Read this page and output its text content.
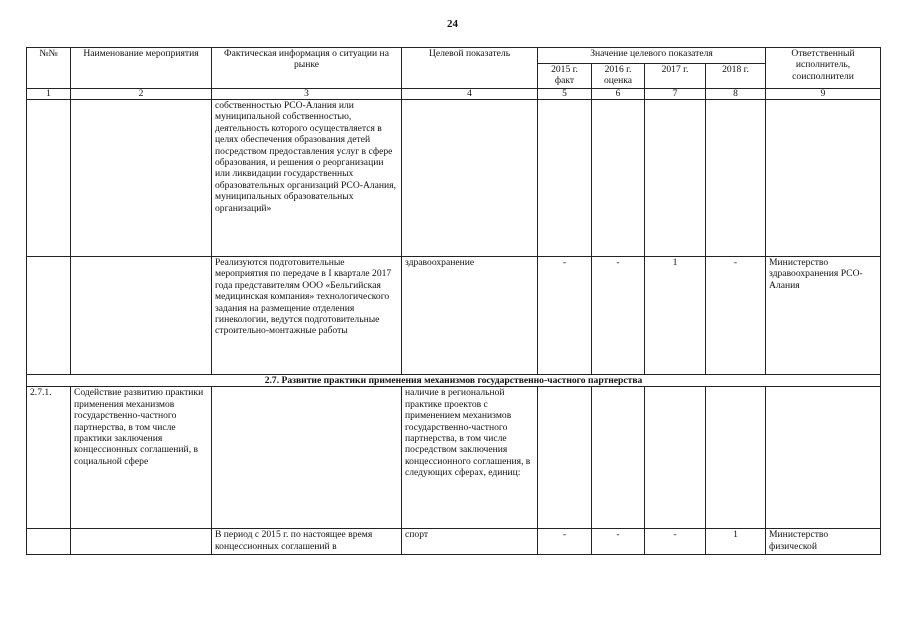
24
№№	Наименование мероприятия	Фактическая информация о ситуации на рынке	Целевой показатель	Значение целевого показателя				Ответственный исполнитель, соисполнители
				2015 г. факт	2016 г. оценка	2017 г.	2018 г.	
1	2	3	4	5	6	7	8	9
		собственностью РСО-Алания или муниципальной собственностью, деятельность которого осуществляется в целях обеспечения образования детей посредством предоставления услуг в сфере образования, и решения о реорганизации или ликвидации государственных образовательных организаций РСО-Алания, муниципальных образовательных организаций»						
		Реализуются подготовительные мероприятия по передаче в I квартале 2017 года представителям ООО «Бельгийская медицинская компания» технологического задания на размещение отделения гинекологии, ведутся подготовительные строительно-монтажные работы	здравоохранение	-	-	1	-	Министерство здравоохранения РСО-Алания
2.7. Развитие практики применения механизмов государственно-частного партнерства								
2.7.1.	Содействие развитию практики применения механизмов государственно-частного партнерства, в том числе практики заключения концессионных соглашений, в социальной сфере		наличие в региональной практике проектов с применением механизмов государственно-частного партнерства, в том числе посредством заключения концессионного соглашения, в следующих сферах, единиц:					
		В период с 2015 г. по настоящее время концессионных соглашений в	спорт	-	-	-	1	Министерство физической
